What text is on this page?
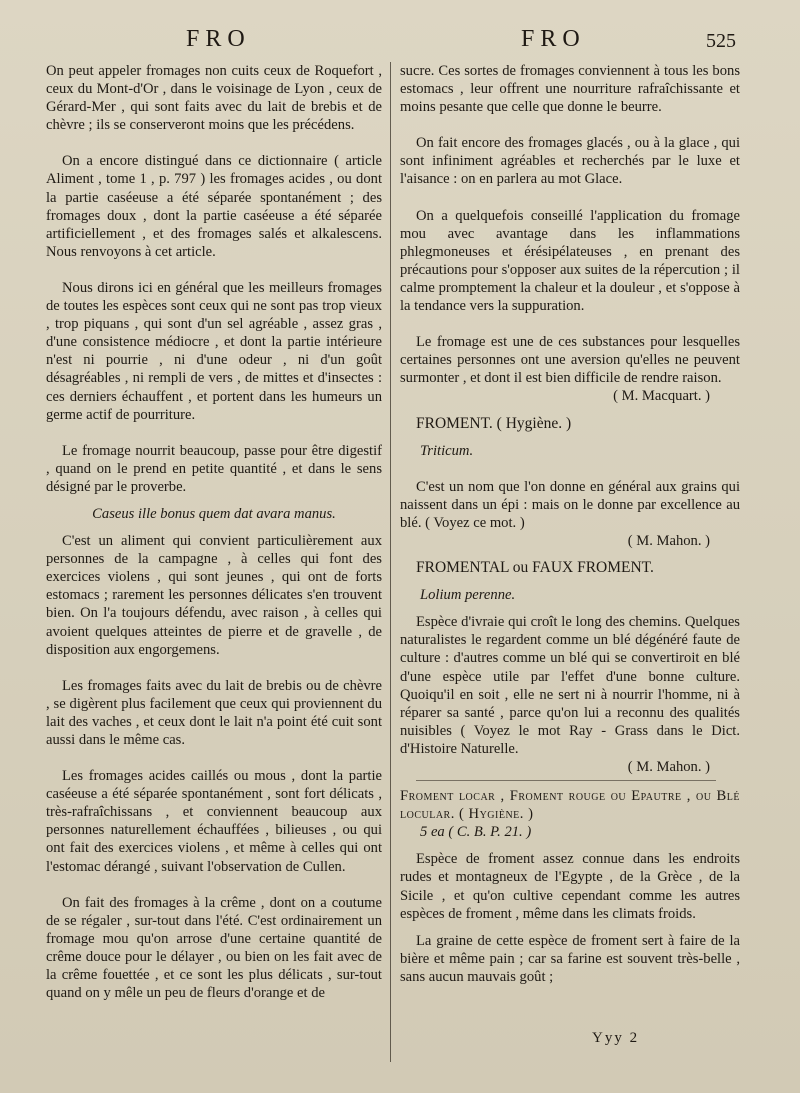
FRO	FRO	525

On peut appeler fromages non cuits ceux de Roquefort , ceux du Mont-d'Or , dans le voisinage de Lyon , ceux de Gérard-Mer , qui sont faits avec du lait de brebis et de chèvre ; ils se conserveront moins que les précédens.

On a encore distingué dans ce dictionnaire ( article Aliment , tome 1 , p. 797 ) les fromages acides , ou dont la partie caséeuse a été séparée spontanément ; des fromages doux , dont la partie caséeuse a été séparée artificiellement , et des fromages salés et alkalescens. Nous renvoyons à cet article.

Nous dirons ici en général que les meilleurs fromages de toutes les espèces sont ceux qui ne sont pas trop vieux , trop piquans , qui sont d'un sel agréable , assez gras , d'une consistence médiocre , et dont la partie intérieure n'est ni pourrie , ni d'une odeur , ni d'un goût désagréables , ni rempli de vers , de mittes et d'insectes : ces derniers échauffent , et portent dans les humeurs un germe actif de pourriture.

Le fromage nourrit beaucoup, passe pour être digestif , quand on le prend en petite quantité , et dans le sens désigné par le proverbe.

Caseus ille bonus quem dat avara manus.

C'est un aliment qui convient particulièrement aux personnes de la campagne , à celles qui font des exercices violens , qui sont jeunes , qui ont de forts estomacs ; rarement les personnes délicates s'en trouvent bien. On l'a toujours défendu, avec raison , à celles qui avoient quelques atteintes de pierre et de gravelle , de disposition aux engorgemens.

Les fromages faits avec du lait de brebis ou de chèvre , se digèrent plus facilement que ceux qui proviennent du lait des vaches , et ceux dont le lait n'a point été cuit sont aussi dans le même cas.

Les fromages acides caillés ou mous , dont la partie caséeuse a été séparée spontanément , sont fort délicats , très-rafraîchissans , et conviennent beaucoup aux personnes naturellement échauffées , bilieuses , ou qui ont fait des exercices violens , et même à celles qui ont l'estomac dérangé , suivant l'observation de Cullen.

On fait des fromages à la crême , dont on a coutume de se régaler , sur-tout dans l'été. C'est ordinairement un fromage mou qu'on arrose d'une certaine quantité de crême douce pour le délayer , ou bien on les fait avec de la crême fouettée , et ce sont les plus délicats , sur-tout quand on y mêle un peu de fleurs d'orange et de

sucre. Ces sortes de fromages conviennent à tous les bons estomacs , leur offrent une nourriture rafraîchissante et moins pesante que celle que donne le beurre.

On fait encore des fromages glacés , ou à la glace , qui sont infiniment agréables et recherchés par le luxe et l'aisance : on en parlera au mot Glace.

On a quelquefois conseillé l'application du fromage mou avec avantage dans les inflammations phlegmoneuses et érésipélateuses , en prenant des précautions pour s'opposer aux suites de la répercution ; il calme promptement la chaleur et la douleur , et s'oppose à la tendance vers la suppuration.

Le fromage est une de ces substances pour lesquelles certaines personnes ont une aversion qu'elles ne peuvent surmonter , et dont il est bien difficile de rendre raison.

( M. Macquart. )

FROMENT. ( Hygiène. )

Triticum.

C'est un nom que l'on donne en général aux grains qui naissent dans un épi : mais on le donne par excellence au blé. ( Voyez ce mot. )

( M. Mahon. )

FROMENTAL ou FAUX FROMENT.

Lolium perenne.

Espèce d'ivraie qui croît le long des chemins. Quelques naturalistes le regardent comme un blé dégénéré faute de culture : d'autres comme un blé qui se convertiroit en blé d'une espèce utile par l'effet d'une bonne culture. Quoiqu'il en soit , elle ne sert ni à nourrir l'homme, ni à réparer sa santé , parce qu'on lui a reconnu des qualités nuisibles ( Voyez le mot Ray - Grass dans le Dict. d'Histoire Naturelle.

( M. Mahon. )

Froment locar , Froment rouge ou Epautre , ou Blé locular. ( Hygiène. )

5 ea ( C. B. P. 21. )

Espèce de froment assez connue dans les endroits rudes et montagneux de l'Egypte , de la Grèce , de la Sicile , et qu'on cultive cependant comme les autres espèces de froment , même dans les climats froids.

La graine de cette espèce de froment sert à faire de la bière et même pain ; car sa farine est souvent très-belle , sans aucun mauvais goût ;

Yyy 2
